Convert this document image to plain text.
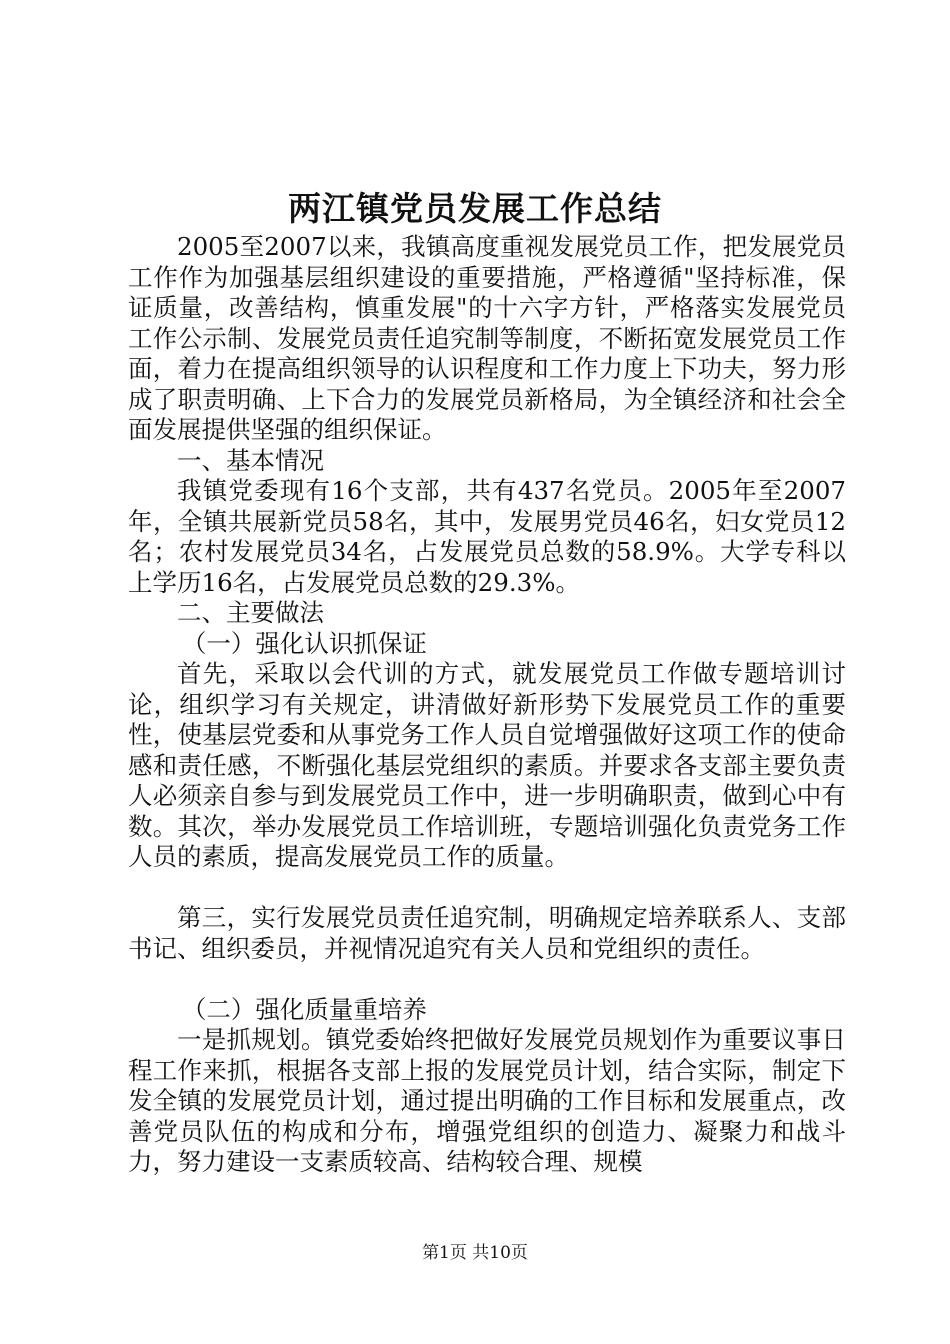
两江镇党员发展工作总结

2005至2007以来，我镇高度重视发展党员工作，把发展党员工作作为加强基层组织建设的重要措施，严格遵循"坚持标准，保证质量，改善结构，慎重发展"的十六字方针，严格落实发展党员工作公示制、发展党员责任追究制等制度，不断拓宽发展党员工作面，着力在提高组织领导的认识程度和工作力度上下功夫，努力形成了职责明确、上下合力的发展党员新格局，为全镇经济和社会全面发展提供坚强的组织保证。

一、基本情况

我镇党委现有16个支部，共有437名党员。2005年至2007年，全镇共展新党员58名，其中，发展男党员46名，妇女党员12名；农村发展党员34名，占发展党员总数的58.9%。大学专科以上学历16名，占发展党员总数的29.3%。

二、主要做法

（一）强化认识抓保证

首先，采取以会代训的方式，就发展党员工作做专题培训讨论，组织学习有关规定，讲清做好新形势下发展党员工作的重要性，使基层党委和从事党务工作人员自觉增强做好这项工作的使命感和责任感，不断强化基层党组织的素质。并要求各支部主要负责人必须亲自参与到发展党员工作中，进一步明确职责，做到心中有数。其次，举办发展党员工作培训班，专题培训强化负责党务工作人员的素质，提高发展党员工作的质量。

第三，实行发展党员责任追究制，明确规定培养联系人、支部书记、组织委员，并视情况追究有关人员和党组织的责任。

（二）强化质量重培养

一是抓规划。镇党委始终把做好发展党员规划作为重要议事日程工作来抓，根据各支部上报的发展党员计划，结合实际，制定下发全镇的发展党员计划，通过提出明确的工作目标和发展重点，改善党员队伍的构成和分布，增强党组织的创造力、凝聚力和战斗力，努力建设一支素质较高、结构较合理、规模

第1页 共10页
